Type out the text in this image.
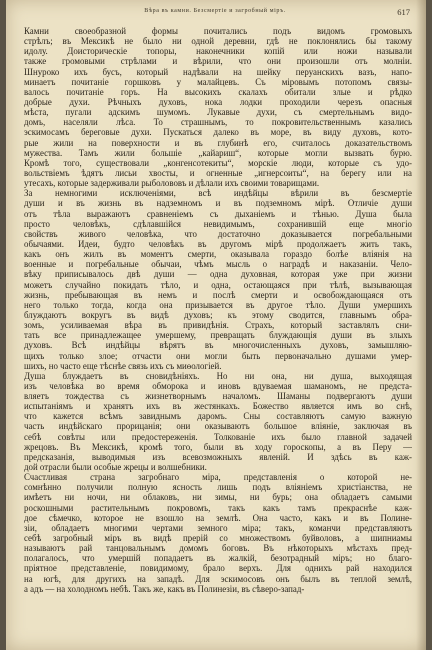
Вѣра въ камни. Безсмертіе и загробный міръ.	617
Камни своеобразной формы почитались подъ видомъ громовыхъ
стрѣлъ; въ Мексикѣ не было ни одной деревни, гдѣ не поклонялись бы такому
идолу. Доисторическіе топоры, наконечники копій или ножи называли
также громовыми стрѣлами и вѣрили, что они произошли отъ молніи.
Шнуроко ихъ бусъ, который надѣвали на шейку перуанскихъ вазъ, напо-
минаетъ почитаніе горшковъ у малайцевъ. Съ міровымъ потопомъ связы-
валось почитаніе горъ. На высокихъ скалахъ обитали злые и рѣдко
добрые духи. Рѣчныхъ духовъ, нока лодки проходили черезъ опасныя
мѣста, пугали адскимъ шумомъ. Лукавые духи, съ смертельнымъ видо-
домъ, населяли лѣса. То страшнымъ, то покровительственнымъ казались
эскимосамъ береговые духи. Пускаться далеко въ море, въ виду духовъ, кото-
рые жили на поверхности и въ глубинѣ его, считалось доказательствомъ
мужества. Тамъ жили большіе „кайариш“, которые могли вызвать бурю.
Кромѣ того, существовали „конгенсотекиты“, морскіе люди, которые съ удо-
вольствіемъ ѣдятъ лисьи хвосты, и огненные „игнерсоиты“, на берегу или на
утесахъ, которые задерживали рыболововъ и дѣлали ихъ своими товарищами.
За немногими исключеніями, всѣ индѣйцы вѣрили въ безсмертіе
души и въ жизнь въ надземномъ и въ подземномъ мірѣ. Отличіе души
отъ тѣла выражаютъ сравненіемъ съ дыханіемъ и тѣнью. Душа была
просто человѣкъ, сдѣлавшійся невидимымъ, сохранившій еще многіо
свойствъ живого человѣка, что достаточно доказывается погребальными
обычаями. Идеи, будто человѣкъ въ другомъ мірѣ продолжаетъ жить такъ,
какъ онъ жилъ въ моментъ смерти, оказывала гораздо болѣе вліянія на
военные и погребальные обычаи, чѣмъ мысль о наградѣ и наказаніи. Чело-
вѣку приписывалось двѣ души — одна духовная, которая уже при жизни
можетъ случайно покидать тѣло, и одна, остающаяся при тѣлѣ, вызывающая
жизнь, пребывающая въ немъ и послѣ смерти и освобождающаяся отъ
него только тогда, когда она призывается въ другое тѣло. Души умершихъ
блуждаютъ вокругъ въ видѣ духовъ; къ этому сводится, главнымъ обра-
зомъ, усиливаемая вѣра въ привидѣнія. Страхъ, который заставлялъ сни-
тать все принадлежащее умершему, превращать блуждающія души въ злыхъ
духовъ. Всѣ индѣйцы вѣрятъ въ многочисленныхъ духовъ, замышляю-
щихъ только злое; отчасти они могли быть первоначально душами умер-
шихъ, но часто еще тѣснѣе связь ихъ съ миѳологіей.
Душа блуждаетъ въ сновидѣніяхъ. Но ни она, ни душа, выходящая
изъ человѣка во время обморока и иновъ вдуваемая шаманомъ, не предста-
вляетъ тождества съ жизнетворнымъ началомъ. Шаманы подвергаютъ души
испытаніямъ и хранятъ ихъ въ жестянкахъ. Божество является имъ во снѣ,
что кажется всѣмъ завиднымъ даромъ. Сны составляютъ самую важную
часть индѣйскаго прорицанія; они оказываютъ большое вліяніе, заключая въ
себѣ совѣты или предостереженія. Толкованіе ихъ было главной задачей
жрецовъ. Въ Мексикѣ, кромѣ того, были въ ходу гороскопы, а въ Перу —
предсказанія, выводимыя изъ всевозможныхъ явленій. И здѣсь въ каж-
дой отрасли были особые жрецы и волшебники.
Счастливая страна загробнаго міра, представленія о которой не-
сомнѣнно получили полную ясность лишь подъ вліяніемъ христіанства, не
имѣетъ ни ночи, ни облаковъ, ни зимы, ни бурь; она обладаетъ самыми
роскошными растительнымъ покровомъ, такъ какъ тамъ прекраснѣе каж-
дое сѣмечко, которое не взошло на землѣ. Она часто, какъ и въ Полине-
зіи, обладаетъ многими чертами земного міра; такъ, команчи представляютъ
себѣ загробный міръ въ видѣ прерій со множествомъ буйволовъ, а шипниамы
называютъ рай танцовальнымъ домомъ боговъ. Въ нѣкоторыхъ мѣстахъ пред-
полагалось, что умершій попадаетъ въ жалкій, безотрадный міръ; но благо-
пріятное представленіе, повидимому, брало верхъ. Для однихъ рай находился
на югѣ, для другихъ на западѣ. Для эскимосовъ онъ былъ въ теплой землѣ,
а адъ — на холодномъ небѣ. Такъ же, какъ въ Полинезіи, въ сѣверо-запад-
